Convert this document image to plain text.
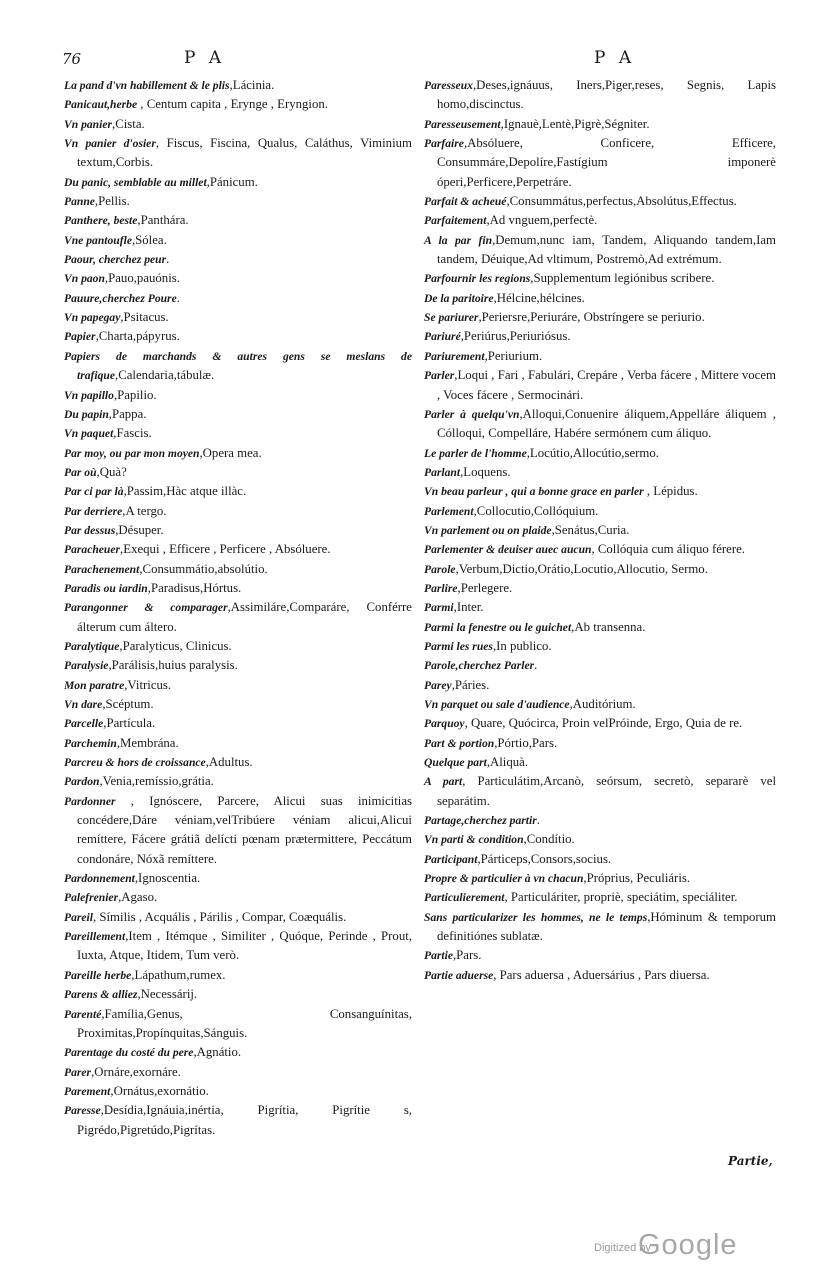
76	P A	P A

La pand d'vn habillement & le plis,Lácinia.

Panicaut,herbe , Centum capita , Erynge , Eryngion.

Vn panier,Cista.

Vn panier d'osier, Fiscus, Fiscina, Qualus, Caláthus, Viminium textum,Corbis.

Du panic, semblable au millet,Pánicum.

Panne,Pellis.

Panthere, beste,Panthára.

Vne pantoufle,Sólea.

Paour, cherchez peur.

Vn paon,Pauo,pauónis.

Pauure,cherchez Poure.

Vn papegay,Psitacus.

Papier,Charta,pápyrus.

Papiers de marchands & autres gens se meslans de trafique,Calendaria,tábulæ.

Vn papillo,Papilio.

Du papin,Pappa.

Vn paquet,Fascis.

Par moy, ou par mon moyen,Opera mea.

Par où,Quà?

Par ci par là,Passim,Hàc atque illàc.

Par derriere,A tergo.

Par dessus,Désuper.

Paracheuer,Exequi , Efficere , Perficere , Absóluere.

Parachenement,Consummátio,absolútio.

Paradis ou iardin,Paradisus,Hórtus.

Parangonner & comparager,Assimiláre,Comparáre, Conférre álterum cum áltero.

Paralytique,Paralyticus, Clinicus.

Paralysie,Parálisis,huius paralysis.

Mon paratre,Vitricus.

Vn dare,Scéptum.

Parcelle,Partícula.

Parchemin,Membrána.

Parcreu & hors de croissance,Adultus.

Pardon,Venia,remíssio,grátia.

Pardonner , Ignóscere, Parcere, Alicui suas inimicitias concédere,Dáre véniam,velTribúere véniam alicui,Alicui remíttere, Fácere grátiã delícti pœnam prætermittere, Peccátum condonáre, Nóxã remíttere.

Pardonnement,Ignoscentia.

Palefrenier,Agaso.

Pareil, Símilis , Acquális , Párilis , Compar, Coæquális.

Pareillement,Item , Itémque , Similiter , Quóque, Perinde , Prout, Iuxta, Atque, Itidem, Tum verò.

Pareille herbe,Lápathum,rumex.

Parens & alliez,Necessárij.

Parenté,Família,Genus, Consanguínitas, Proximitas,Propínquitas,Sánguis.

Parentage du costé du pere,Agnátio.

Parer,Ornáre,exornáre.

Parement,Ornátus,exornátio.

Paresse,Desídia,Ignáuia,inértia, Pigrítia, Pigrítie s, Pigrédo,Pigretúdo,Pigrítas.

Paresseux,Deses,ignáuus, Iners,Piger,reses, Segnis, Lapis homo,discinctus.

Paresseusement,Ignauè,Lentè,Pigrè,Ségniter.

Parfaire,Absóluere, Conficere, Efficere, Consummáre,Depolíre,Fastígium imponerè óperi,Perficere,Perpetráre.

Parfait & acheué,Consummátus,perfectus,Absolútus,Effectus.

Parfaitement,Ad vnguem,perfectè.

A la par fin,Demum,nunc iam, Tandem, Aliquando tandem,Iam tandem, Déuique,Ad vltimum, Postremò,Ad extrémum.

Parfournir les regions,Supplementum legiónibus scribere.

De la paritoire,Hélcine,hélcines.

Se pariurer,Periersre,Periuráre, Obstríngere se periurio.

Pariuré,Periúrus,Periuriósus.

Pariurement,Periurium.

Parler,Loqui , Fari , Fabulári, Crepáre , Verba fácere , Mittere vocem , Voces fácere , Sermocinári.

Parler à quelqu'vn,Alloqui,Conuenire áliquem,Appelláre áliquem , Cólloqui, Compelláre, Habére sermónem cum áliquo.

Le parler de l'homme,Locútio,Allocútio,sermo.

Parlant,Loquens.

Vn beau parleur , qui a bonne grace en parler , Lépidus.

Parlement,Collocutio,Collóquium.

Vn parlement ou on plaide,Senátus,Curia.

Parlementer & deuiser auec aucun, Collóquia cum áliquo férere.

Parole,Verbum,Dictio,Orátio,Locutio,Allocutio, Sermo.

Parlire,Perlegere.

Parmi,Inter.

Parmi la fenestre ou le guichet,Ab transenna.

Parmi les rues,In publico.

Parole,cherchez Parler.

Parey,Páries.

Vn parquet ou sale d'audience,Auditórium.

Parquoy, Quare, Quócirca, Proin velPróinde, Ergo, Quia de re.

Part & portion,Pórtio,Pars.

Quelque part,Aliquà.

A part, Particulátim,Arcanò, seórsum, secretò, separarè vel separátim.

Partage,cherchez partir.

Vn parti & condition,Condítio.

Participant,Párticeps,Consors,socius.

Propre & particulier à vn chacun,Próprius, Peculiáris.

Particulierement, Particuláriter, propriè, speciátim, speciáliter.

Sans particularizer les hommes, ne le temps,Hóminum & temporum definitiónes sublatæ.

Partie,Pars.

Partie aduerse, Pars aduersa , Aduersárius , Pars diuersa.

Partie,
Digitized by
Google
